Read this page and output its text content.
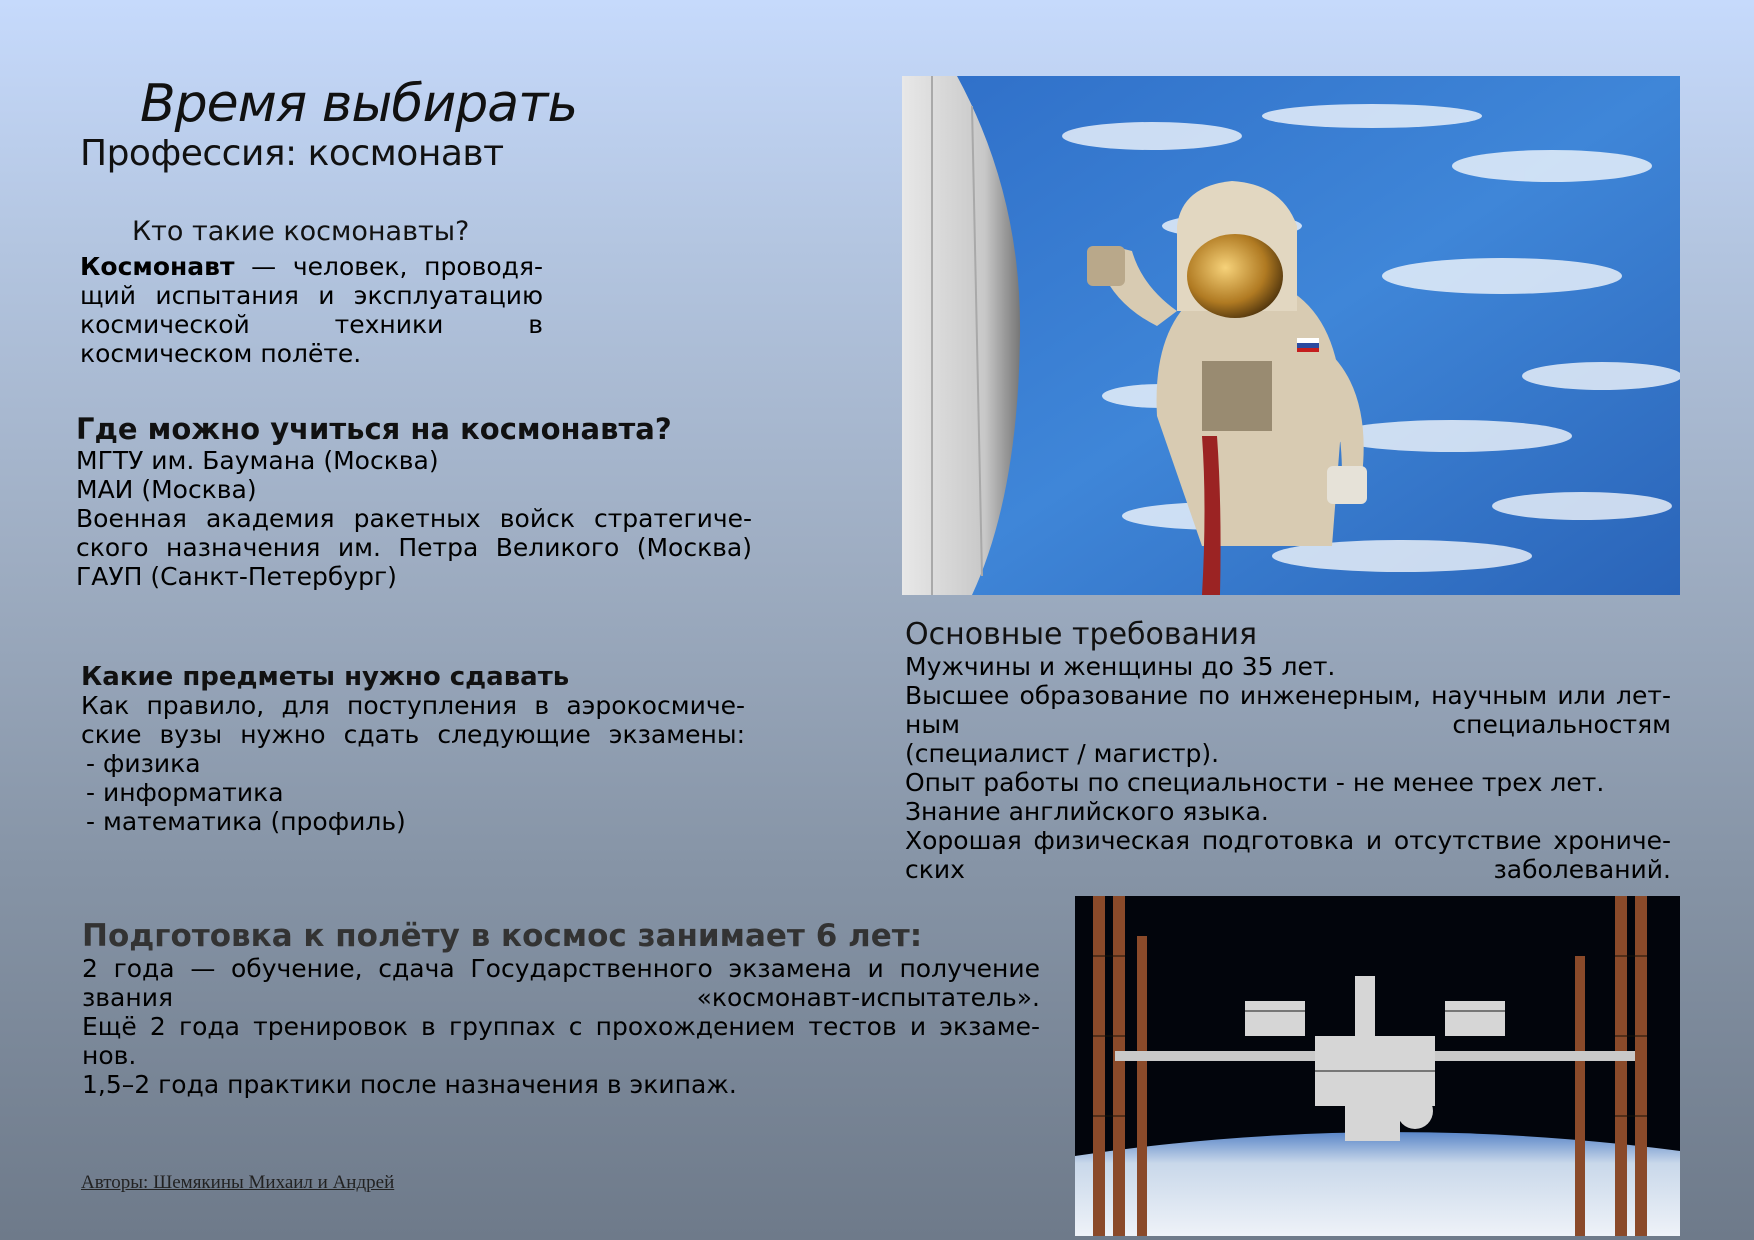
Время выбирать
Профессия: космонавт
Кто такие космонавты?
Космонавт — человек, проводя-щий испытания и эксплуатацию космической техники в космическом полёте.
Где можно учиться на космонавта?
МГТУ им. Баумана (Москва)
МАИ (Москва)
Военная академия ракетных войск стратегиче-ского назначения им. Петра Великого (Москва)
ГАУП (Санкт-Петербург)
Какие предметы нужно сдавать
Как правило, для поступления в аэрокосмиче-ские вузы нужно сдать следующие экзамены:
- физика
- информатика
- математика (профиль)
Основные требования
Мужчины и женщины до 35 лет.
Высшее образование по инженерным, научным или лет-ным специальностям
(специалист / магистр).
Опыт работы по специальности - не менее трех лет.
Знание английского языка.
Хорошая физическая подготовка и отсутствие хрониче-ских заболеваний.
Подготовка к полёту в космос занимает 6 лет:
2 года — обучение, сдача Государственного экзамена и получение звания «космонавт-испытатель».
Ещё 2 года тренировок в группах с прохождением тестов и экзаме-нов.
1,5–2 года практики после назначения в экипаж.
Авторы: Шемякины Михаил и Андрей
